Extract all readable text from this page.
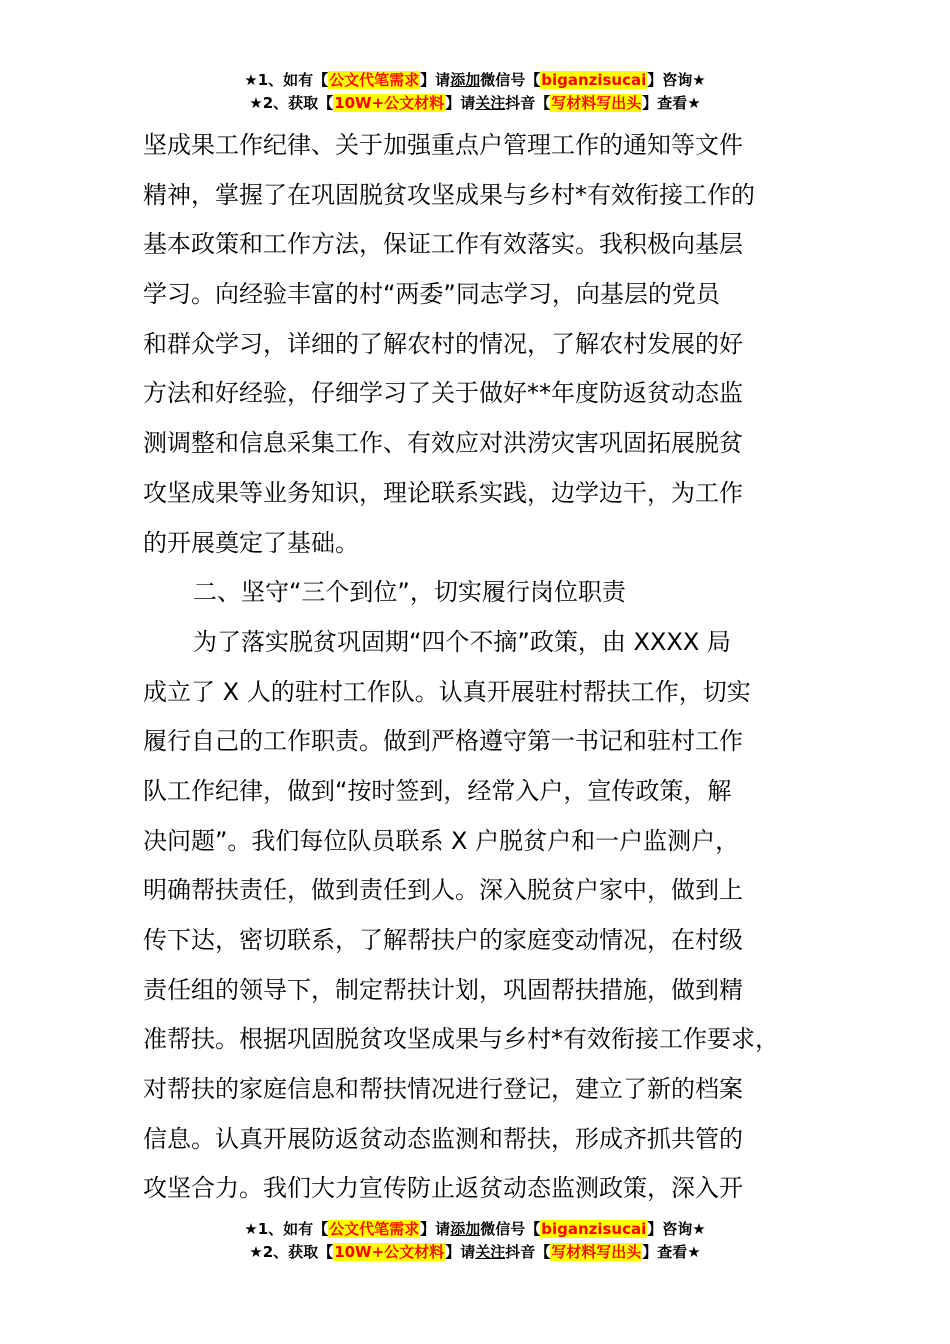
★1、如有【公文代笔需求】请添加微信号【biganzisucai】咨询★
★2、获取【10W+公文材料】请关注抖音【写材料写出头】查看★
坚成果工作纪律、关于加强重点户管理工作的通知等文件
精神，掌握了在巩固脱贫攻坚成果与乡村*有效衔接工作的
基本政策和工作方法，保证工作有效落实。我积极向基层
学习。向经验丰富的村“两委”同志学习，向基层的党员
和群众学习，详细的了解农村的情况，了解农村发展的好
方法和好经验，仔细学习了关于做好**年度防返贫动态监
测调整和信息采集工作、有效应对洪涝灾害巩固拓展脱贫
攻坚成果等业务知识，理论联系实践，边学边干，为工作
的开展奠定了基础。
二、坚守“三个到位”，切实履行岗位职责
为了落实脱贫巩固期“四个不摘”政策，由 XXXX 局
成立了 X 人的驻村工作队。认真开展驻村帮扶工作，切实
履行自己的工作职责。做到严格遵守第一书记和驻村工作
队工作纪律，做到“按时签到，经常入户，宣传政策，解
决问题”。我们每位队员联系 X 户脱贫户和一户监测户，
明确帮扶责任，做到责任到人。深入脱贫户家中，做到上
传下达，密切联系，了解帮扶户的家庭变动情况，在村级
责任组的领导下，制定帮扶计划，巩固帮扶措施，做到精
准帮扶。根据巩固脱贫攻坚成果与乡村*有效衔接工作要求，
对帮扶的家庭信息和帮扶情况进行登记，建立了新的档案
信息。认真开展防返贫动态监测和帮扶，形成齐抓共管的
攻坚合力。我们大力宣传防止返贫动态监测政策，深入开
★1、如有【公文代笔需求】请添加微信号【biganzisucai】咨询★
★2、获取【10W+公文材料】请关注抖音【写材料写出头】查看★
